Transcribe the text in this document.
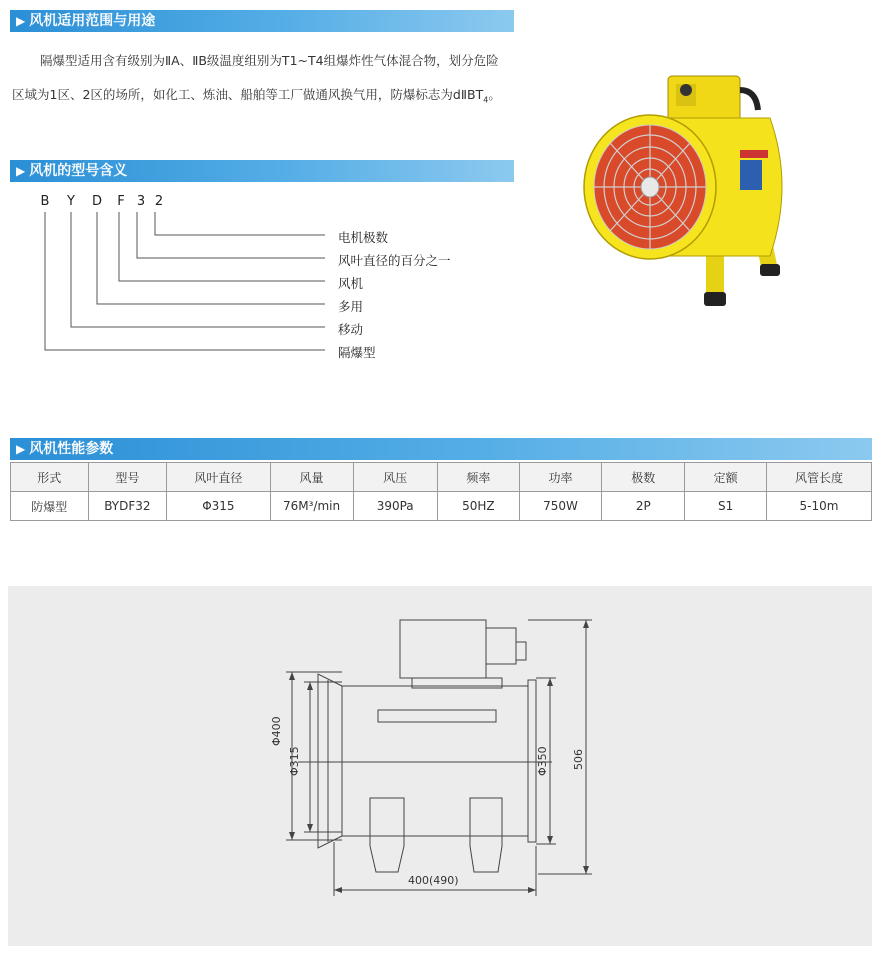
▶ 风机适用范围与用途
隔爆型适用含有级别为ⅡA、ⅡB级温度组别为T1~T4组爆炸性气体混合物，划分危险
区域为1区、2区的场所，如化工、炼油、船舶等工厂做通风换气用，防爆标志为$dⅡBT_4$。
▶ 风机的型号含义
B Y D F 3 2
电机极数
风叶直径的百分之一
风机
多用
移动
隔爆型
▶ 风机性能参数
形式	型号	风叶直径	风量	风压	频率	功率	极数	定额	风管长度
防爆型	BYDF32	Φ315	76M³/min	390Pa	50HZ	750W	2P	S1	5-10m
Φ400
Φ315	Φ350 506
400(490)
